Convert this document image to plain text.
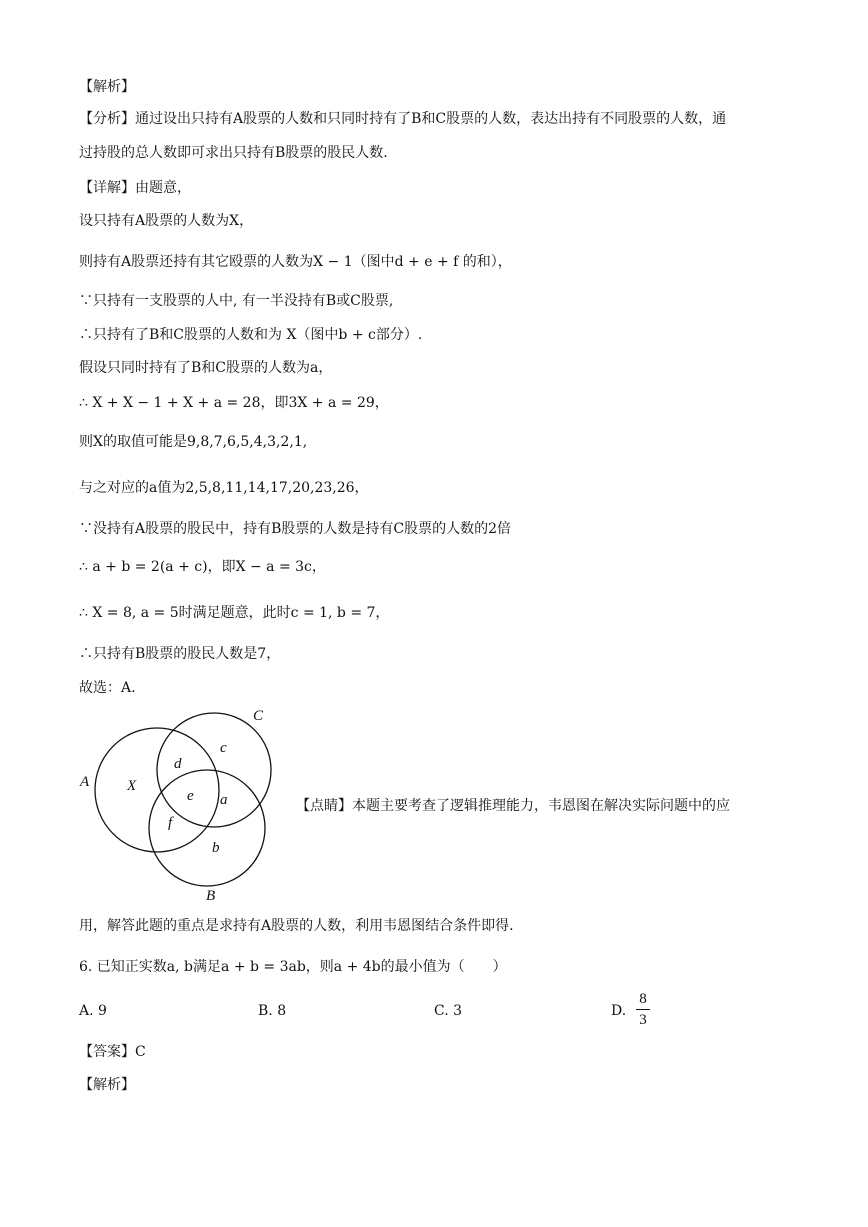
【解析】
【分析】通过设出只持有A股票的人数和只同时持有了B和C股票的人数，表达出持有不同股票的人数，通
过持股的总人数即可求出只持有B股票的股民人数.
【详解】由题意，
设只持有A股票的人数为X，
则持有A股票还持有其它殴票的人数为X − 1（图中d + e + f 的和），
∵只持有一支股票的人中, 有一半没持有B或C股票,
∴只持有了B和C股票的人数和为 X（图中b + c部分）.
假设只同时持有了B和C股票的人数为a，
∴ X + X − 1 + X + a = 28，即3X + a = 29，
则X的取值可能是9,8,7,6,5,4,3,2,1,
与之对应的a值为2,5,8,11,14,17,20,23,26，
∵没持有A股票的股民中，持有B股票的人数是持有C股票的人数的2倍
∴ a + b = 2(a + c)，即X − a = 3c，
∴ X = 8, a = 5时满足题意，此时c = 1, b = 7，
∴只持有B股票的股民人数是7，
故选：A.
A
C
B
X
c
d
e a
f
b
【点睛】本题主要考查了逻辑推理能力，韦恩图在解决实际问题中的应
用，解答此题的重点是求持有A股票的人数，利用韦恩图结合条件即得.
6. 已知正实数a, b满足a + b = 3ab，则a + 4b的最小值为（　　）
A. 9	B. 8	C. 3	D.
8
3
【答案】C
【解析】
